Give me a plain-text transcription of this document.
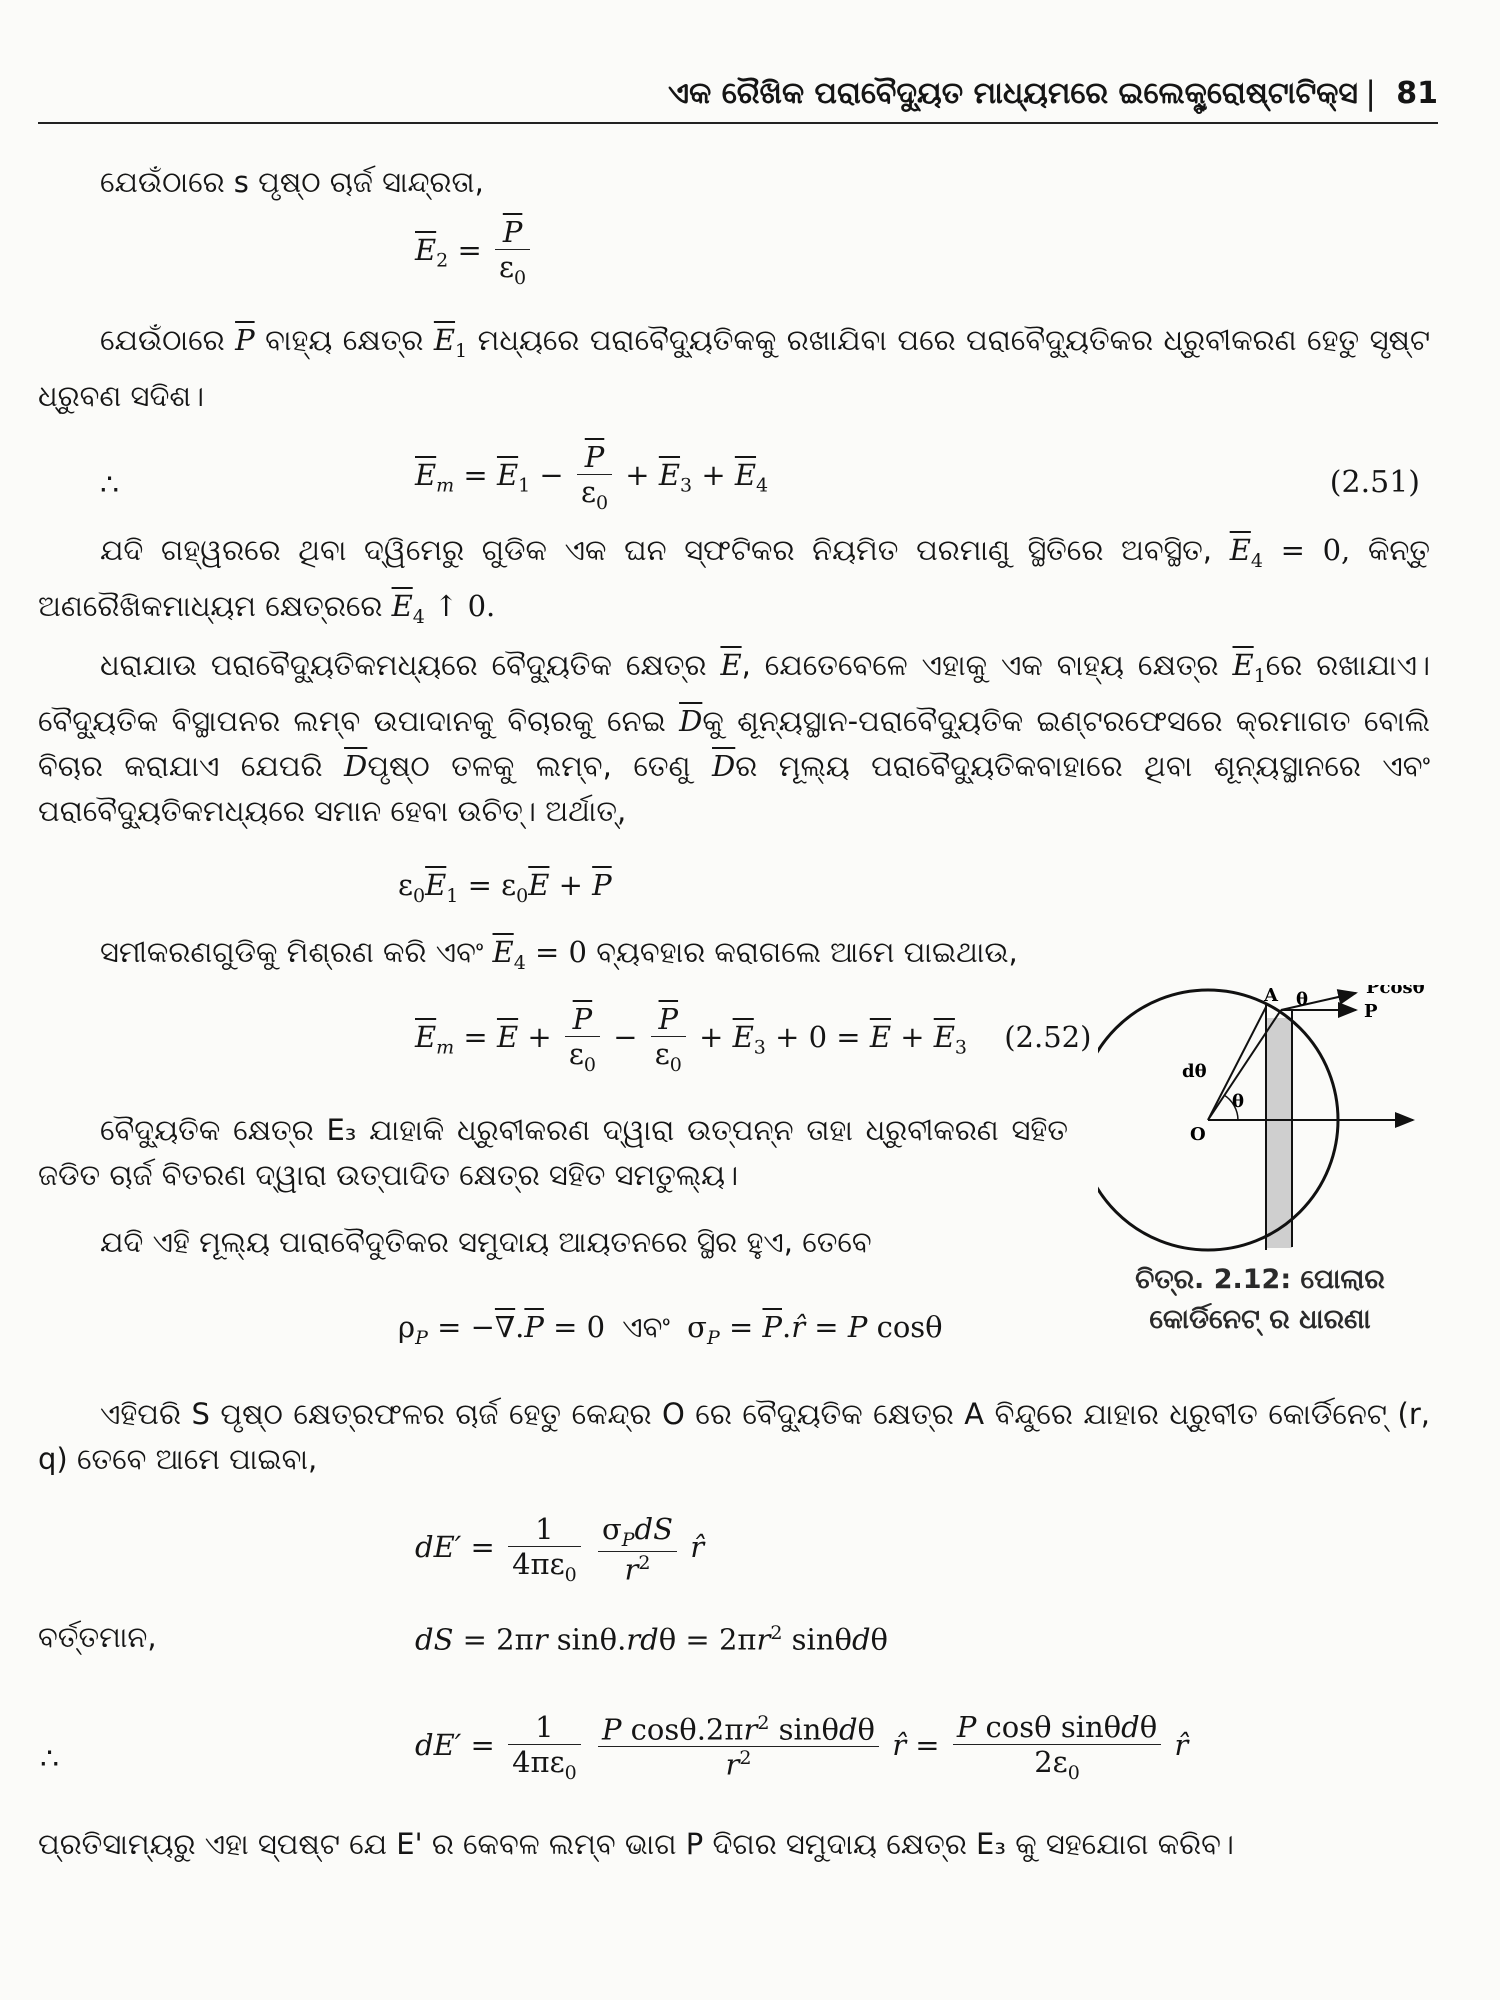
ଏକ ରୈଖିକ ପରାବୈଦ୍ୟୁତ ମାଧ୍ୟମରେ ଇଲେକ୍ଟ୍ରୋଷ୍ଟାଟିକ୍ସ | 81
ଯେଉଁଠାରେ s ପୃଷ୍ଠ ଚାର୍ଜ ସାନ୍ଦ୍ରତା,
$\overline{E}_2 = \frac{\overline{P}}{\varepsilon_0}$
ଯେଉଁଠାରେ $\overline{P}$ ବାହ୍ୟ କ୍ଷେତ୍ର $\overline{E}_1$ ମଧ୍ୟରେ ପରାବୈଦ୍ୟୁତିକକୁ ରଖାଯିବା ପରେ ପରାବୈଦ୍ୟୁତିକର ଧ୍ରୁବୀକରଣ ହେତୁ ସୃଷ୍ଟ ଧ୍ରୁବଣ ସଦିଶ।
∴	$\overline{E}_m = \overline{E}_1 - \frac{\overline{P}}{\varepsilon_0} + \overline{E}_3 + \overline{E}_4$	(2.51)
ଯଦି ଗହ୍ୱରରେ ଥିବା ଦ୍ୱିମେରୁ ଗୁଡିକ ଏକ ଘନ ସ୍ଫଟିକର ନିୟମିତ ପରମାଣୁ ସ୍ଥିତିରେ ଅବସ୍ଥିତ, $\overline{E}_4 = 0$, କିନ୍ତୁ ଅଣରୈଖିକମାଧ୍ୟମ କ୍ଷେତ୍ରରେ $\overline{E}_4$ ↑ 0.
ଧରାଯାଉ ପରାବୈଦ୍ୟୁତିକମଧ୍ୟରେ ବୈଦ୍ୟୁତିକ କ୍ଷେତ୍ର $\overline{E}$, ଯେତେବେଳେ ଏହାକୁ ଏକ ବାହ୍ୟ କ୍ଷେତ୍ର $\overline{E}_1ରେ$ ରଖାଯାଏ। ବୈଦ୍ୟୁତିକ ବିସ୍ଥାପନର ଲମ୍ବ ଉପାଦାନକୁ ବିଚାରକୁ ନେଇ $\overline{D}କୁ$ ଶୂନ୍ୟସ୍ଥାନ-ପରାବୈଦ୍ୟୁତିକ ଇଣ୍ଟରଫେସରେ କ୍ରମାଗତ ବୋଲି ବିଚାର କରାଯାଏ ଯେପରି $\overline{D}ପୃଷ୍ଠ$ ତଳକୁ ଲମ୍ବ, ତେଣୁ $\overline{D}ର$ ମୂଲ୍ୟ ପରାବୈଦ୍ୟୁତିକବାହାରେ ଥିବା ଶୂନ୍ୟସ୍ଥାନରେ ଏବଂ ପରାବୈଦ୍ୟୁତିକମଧ୍ୟରେ ସମାନ ହେବା ଉଚିତ୍। ଅର୍ଥାତ୍,
$\varepsilon_0\overline{E}_1 = \varepsilon_0\overline{E} + \overline{P}$
ସମୀକରଣଗୁଡିକୁ ମିଶ୍ରଣ କରି ଏବଂ $\overline{E}_4 = 0$ ବ୍ୟବହାର କରାଗଲେ ଆମେ ପାଇଥାଉ,
$\overline{E}_m = \overline{E} + \frac{\overline{P}}{\varepsilon_0} - \frac{\overline{P}}{\varepsilon_0} + \overline{E}_3 + 0 = \overline{E} + \overline{E}_3$ (2.52)
ବୈଦ୍ୟୁତିକ କ୍ଷେତ୍ର E₃ ଯାହାକି ଧ୍ରୁବୀକରଣ ଦ୍ୱାରା ଉତ୍ପନ୍ନ ତାହା ଧ୍ରୁବୀକରଣ ସହିତ ଜଡିତ ଚାର୍ଜ ବିତରଣ ଦ୍ୱାରା ଉତ୍ପାଦିତ କ୍ଷେତ୍ର ସହିତ ସମତୁଲ୍ୟ।
ଯଦି ଏହି ମୂଲ୍ୟ ପାରାବୈଦୁତିକର ସମୁଦାୟ ଆୟତନରେ ସ୍ଥିର ହୁଏ, ତେବେ
$\rho_P = -\nabla.\overline{P} = 0$ ଏବଂ $\sigma_P$ = $\overline{P}.r̂ = P$ cosθ
Pcosθ
P
A θ
dθ
θ
O
ଚିତ୍ର. 2.12: ପୋଲାର
କୋର୍ଡିନେଟ୍ ର ଧାରଣା
ଏହିପରି S ପୃଷ୍ଠ କ୍ଷେତ୍ରଫଳର ଚାର୍ଜ ହେତୁ କେନ୍ଦ୍ର O ରେ ବୈଦ୍ୟୁତିକ କ୍ଷେତ୍ର A ବିନ୍ଦୁରେ ଯାହାର ଧ୍ରୁବୀତ କୋର୍ଡିନେଟ୍ (r, q) ତେବେ ଆମେ ପାଇବା,
$dE' = \frac{1}{4\pi\varepsilon_0}$
$\frac{\sigma_PdS}{r^2}$ r̂
ବର୍ତ୍ତମାନ,	dS = 2πr $\sin\theta.rd\theta = 2\pi r^2$ sinθdθ
∴	$dE' = \frac{1}{4\pi\varepsilon_0}$
$\frac{P \cos\theta.2\pi r^2 \sin\theta d\theta}{r^2}$ r̂ = $\frac{\text{P cosθ sinθdθ}}{2\varepsilon_0}$ r̂
ପ୍ରତିସାମ୍ୟରୁ ଏହା ସ୍ପଷ୍ଟ ଯେ E' ର କେବଳ ଲମ୍ବ ଭାଗ P ଦିଗର ସମୁଦାୟ କ୍ଷେତ୍ର E₃ କୁ ସହଯୋଗ କରିବ।
